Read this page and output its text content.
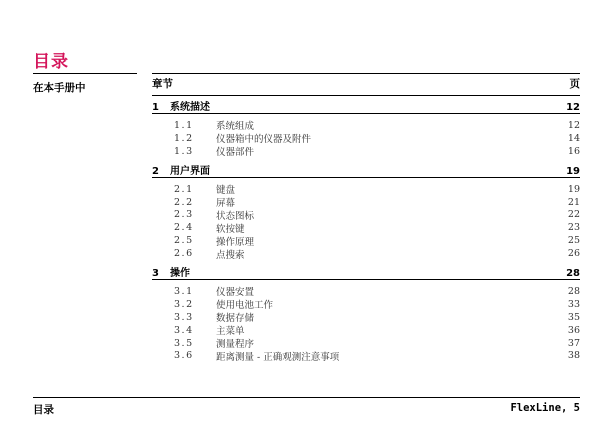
目录
在本手册中	章节	页
1	系统描述	12
1.1	系统组成	12
1.2	仪器箱中的仪器及附件	14
1.3	仪器部件	16
2	用户界面	19
2.1	键盘	19
2.2	屏幕	21
2.3	状态图标	22
2.4	软按键	23
2.5	操作原理	25
2.6	点搜索	26
3	操作	28
3.1	仪器安置	28
3.2	使用电池工作	33
3.3	数据存储	35
3.4	主菜单	36
3.5	测量程序	37
3.6	距离测量 - 正确观测注意事项	38
目录	FlexLine, 5
